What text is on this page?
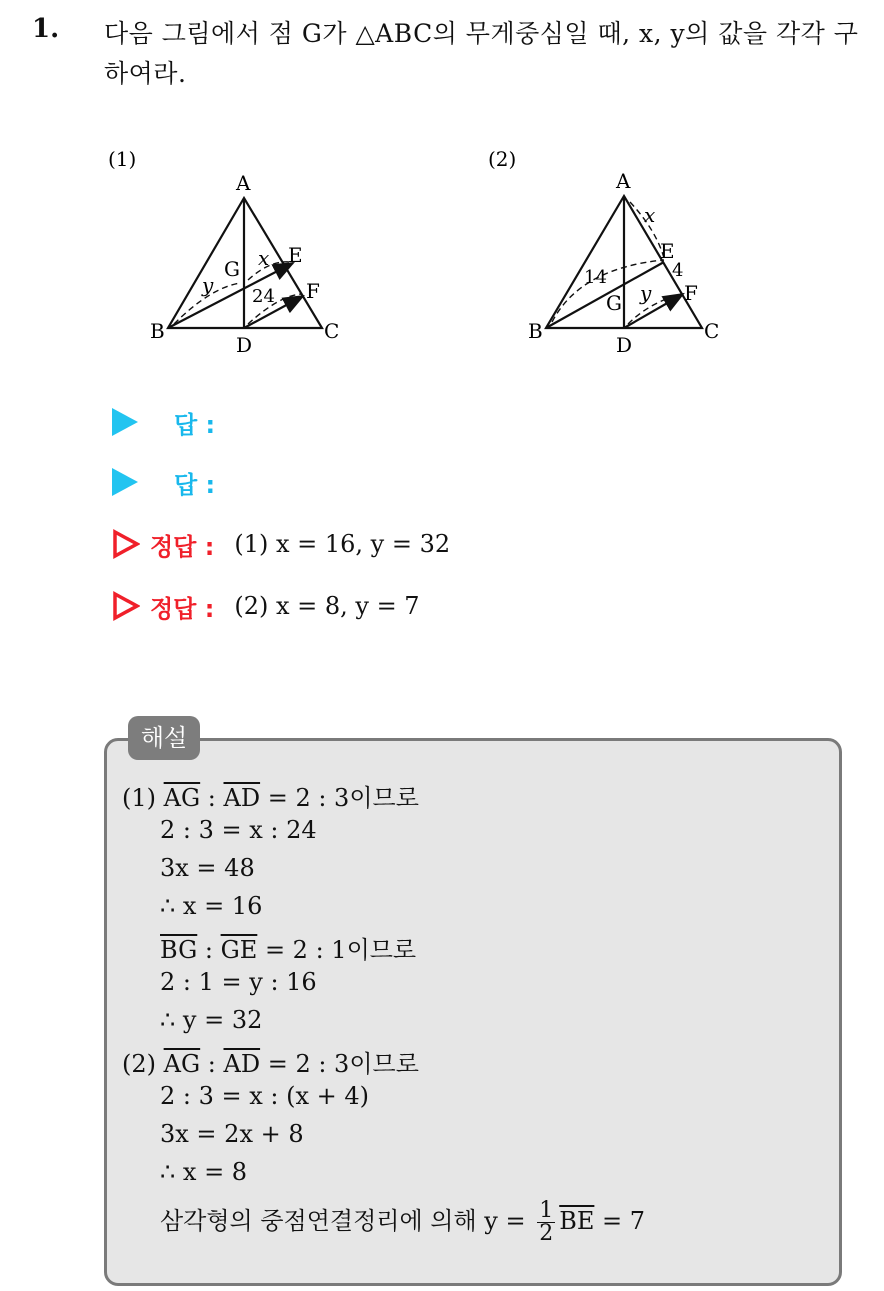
1. 다음 그림에서 점 G가 △ABC의 무게중심일 때, x, y의 값을 각각 구하여라.
(1)
A
B	C
D
E
F
G x
y 24
(2)
A
B	C
D
E
F
G
x
y
14	4
답 :
답 :
정답 : (1) x = 16, y = 32
정답 : (2) x = 8, y = 7
해설
(1) $\overline{AG}$ : $\overline{AD} = 2$ : 3이므로
2 : 3 = x : 24
3x = 48
∴ x = 16
$\overline{BG}$ : $\overline{GE} = 2$ : 1이므로
2 : 1 = y : 16
∴ y = 32
(2) $\overline{AG}$ : $\overline{AD} = 2$ : 3이므로
2 : 3 = x : (x + 4)
3x = 2x + 8
∴ x = 8
삼각형의 중점연결정리에 의해 $y = \frac{1}{2} \overline{BE} = 7$
